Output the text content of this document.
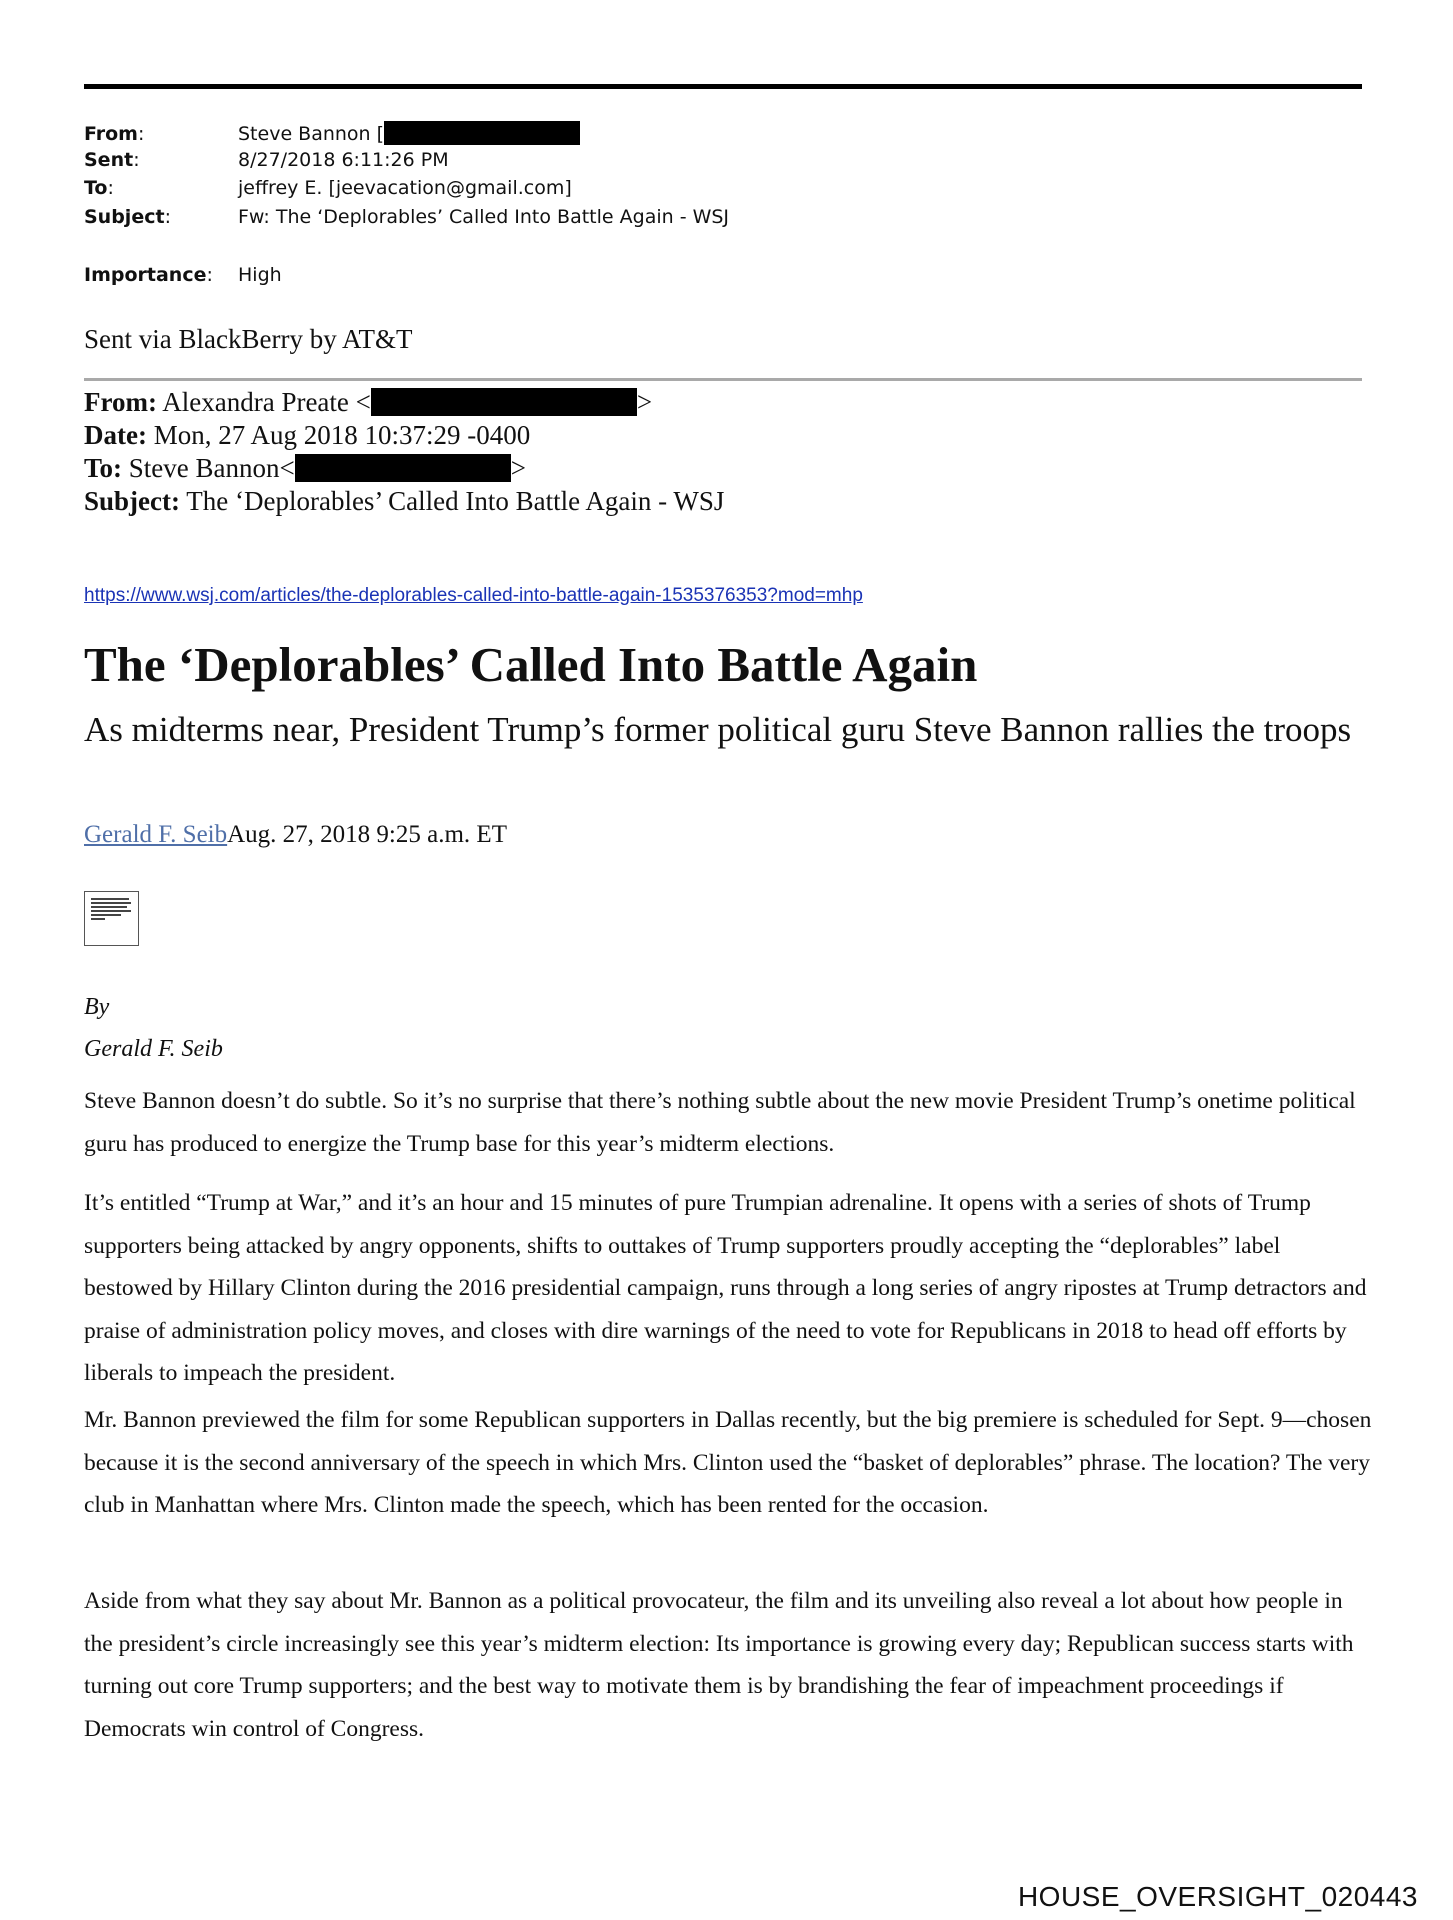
From:	Steve Bannon [
Sent:	8/27/2018 6:11:26 PM
To:	jeffrey E. [jeevacation@gmail.com]
Subject:	Fw: The ‘Deplorables’ Called Into Battle Again - WSJ
Importance: High
Sent via BlackBerry by AT&T
From: Alexandra Preate <	>
Date: Mon, 27 Aug 2018 10:37:29 -0400
To: Steve Bannon<	>
Subject: The ‘Deplorables’ Called Into Battle Again - WSJ
https://www.wsj.com/articles/the-deplorables-called-into-battle-again-1535376353?mod=mhp
The ‘Deplorables’ Called Into Battle Again
As midterms near, President Trump’s former political guru Steve Bannon rallies the troops
Gerald F. SeibAug. 27, 2018 9:25 a.m. ET
By
Gerald F. Seib
Steve Bannon doesn’t do subtle. So it’s no surprise that there’s nothing subtle about the new movie President Trump’s onetime political guru has produced to energize the Trump base for this year’s midterm elections.
It’s entitled “Trump at War,” and it’s an hour and 15 minutes of pure Trumpian adrenaline. It opens with a series of shots of Trump supporters being attacked by angry opponents, shifts to outtakes of Trump supporters proudly accepting the “deplorables” label bestowed by Hillary Clinton during the 2016 presidential campaign, runs through a long series of angry ripostes at Trump detractors and praise of administration policy moves, and closes with dire warnings of the need to vote for Republicans in 2018 to head off efforts by liberals to impeach the president.
Mr. Bannon previewed the film for some Republican supporters in Dallas recently, but the big premiere is scheduled for Sept. 9—chosen because it is the second anniversary of the speech in which Mrs. Clinton used the “basket of deplorables” phrase. The location? The very club in Manhattan where Mrs. Clinton made the speech, which has been rented for the occasion.
Aside from what they say about Mr. Bannon as a political provocateur, the film and its unveiling also reveal a lot about how people in the president’s circle increasingly see this year’s midterm election: Its importance is growing every day; Republican success starts with turning out core Trump supporters; and the best way to motivate them is by brandishing the fear of impeachment proceedings if Democrats win control of Congress.
HOUSE_OVERSIGHT_020443
